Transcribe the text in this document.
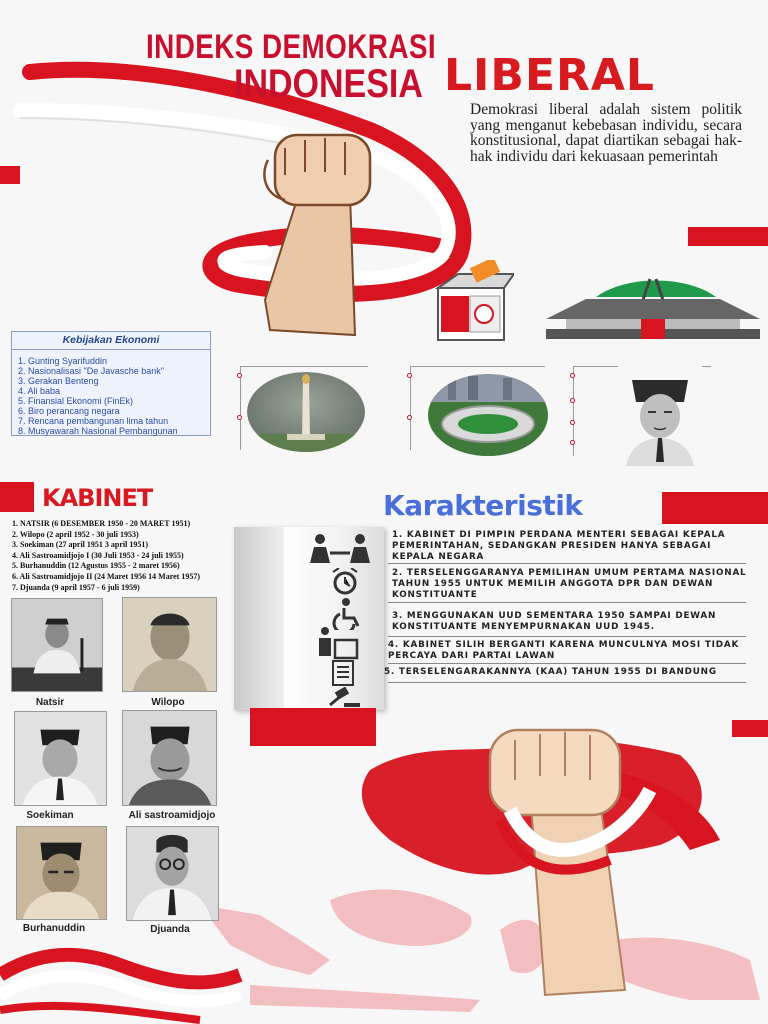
INDEKS DEMOKRASI
INDONESIA LIBERAL

Demokrasi liberal adalah sistem politik yang menganut kebebasan individu, secara konstitusional, dapat diartikan sebagai hak-hak individu dari kekuasaan pemerintah

Kebijakan Ekonomi
1. Gunting Syarifuddin
2. Nasionalisasi "De Javasche bank"
3. Gerakan Benteng
4. Ali baba
5. Finansial Ekonomi (FinEk)
6. Biro perancang negara
7. Rencana pembangunan lima tahun
8. Musyawarah Nasional Pembangunan
KABINET
1. NATSIR (6 DESEMBER 1950 - 20 MARET 1951)
2. Wilopo (2 april 1952 - 30 juli 1953)
3. Soekiman (27 april 1951 3 april 1951)
4. Ali Sastroamidjojo I (30 Juli 1953 - 24 juli 1955)
5. Burhanuddin (12 Agustus 1955 - 2 maret 1956)
6. Ali Sastroamidjojo II (24 Maret 1956 14 Maret 1957)
7. Djuanda (9 april 1957 - 6 juli 1959)
Natsir	Wilopo
Soekiman	Ali sastroamidjojo
Burhanuddin	Djuanda
Karakteristik
1. KABINET DI PIMPIN PERDANA MENTERI SEBAGAI KEPALA PEMERINTAHAN, SEDANGKAN PRESIDEN HANYA SEBAGAI KEPALA NEGARA
2. TERSELENGGARANYA PEMILIHAN UMUM PERTAMA NASIONAL TAHUN 1955 UNTUK MEMILIH ANGGOTA DPR DAN DEWAN KONSTITUANTE
3. MENGGUNAKAN UUD SEMENTARA 1950 SAMPAI DEWAN KONSTITUANTE MENYEMPURNAKAN UUD 1945.
4. KABINET SILIH BERGANTI KARENA MUNCULNYA MOSI TIDAK PERCAYA DARI PARTAI LAWAN
5. TERSELENGARAKANNYA (KAA) TAHUN 1955 DI BANDUNG
